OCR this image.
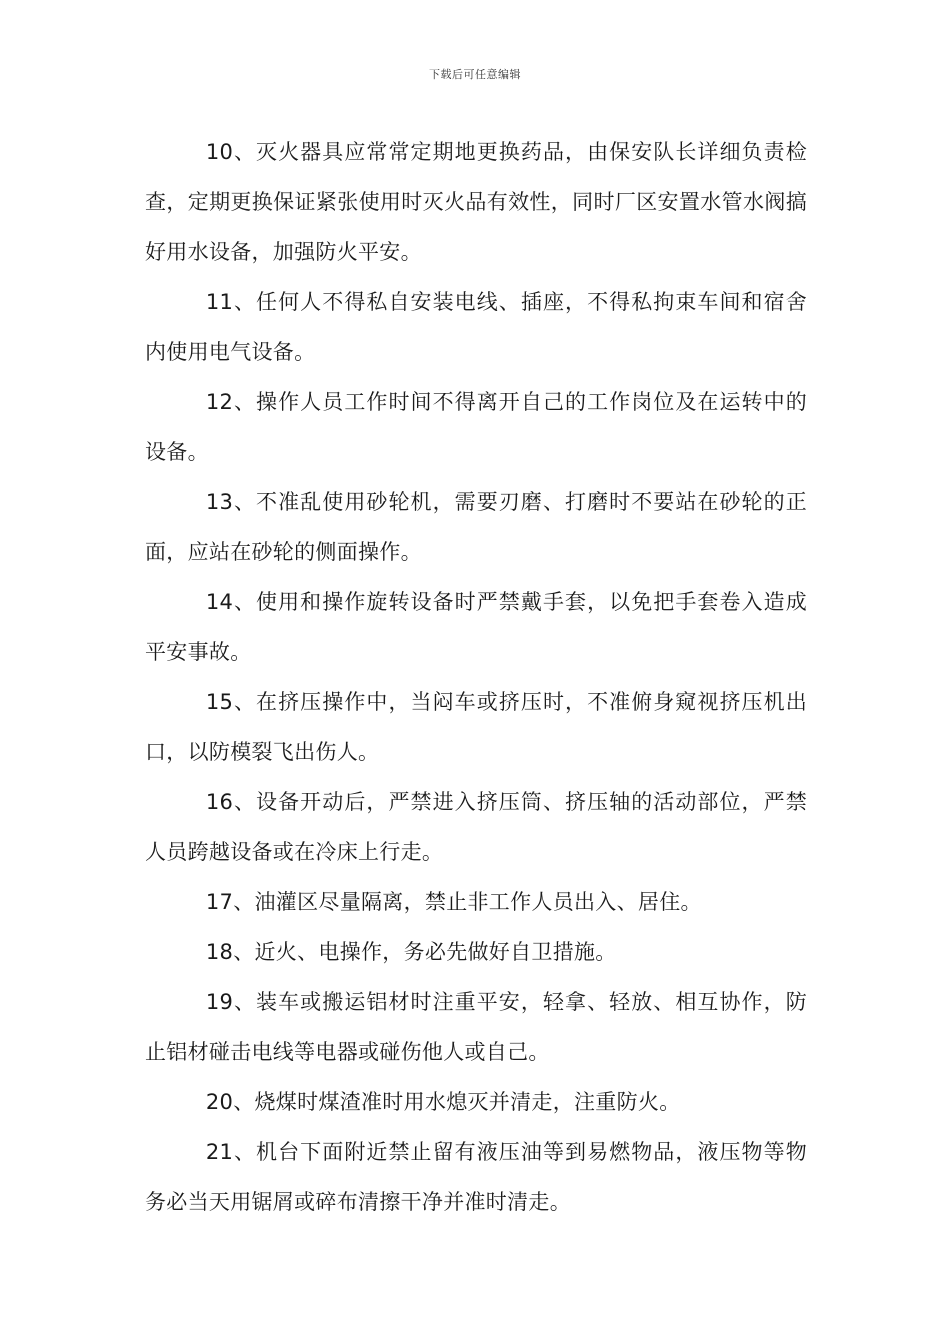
下载后可任意编辑

10、灭火器具应常常定期地更换药品，由保安队长详细负责检查，定期更换保证紧张使用时灭火品有效性，同时厂区安置水管水阀搞好用水设备，加强防火平安。

11、任何人不得私自安装电线、插座，不得私拘束车间和宿舍内使用电气设备。

12、操作人员工作时间不得离开自己的工作岗位及在运转中的设备。

13、不准乱使用砂轮机，需要刃磨、打磨时不要站在砂轮的正面，应站在砂轮的侧面操作。

14、使用和操作旋转设备时严禁戴手套，以免把手套卷入造成平安事故。

15、在挤压操作中，当闷车或挤压时，不准俯身窥视挤压机出口，以防模裂飞出伤人。

16、设备开动后，严禁进入挤压筒、挤压轴的活动部位，严禁人员跨越设备或在冷床上行走。

17、油灌区尽量隔离，禁止非工作人员出入、居住。

18、近火、电操作，务必先做好自卫措施。

19、装车或搬运铝材时注重平安，轻拿、轻放、相互协作，防止铝材碰击电线等电器或碰伤他人或自己。

20、烧煤时煤渣准时用水熄灭并清走，注重防火。

21、机台下面附近禁止留有液压油等到易燃物品，液压物等物务必当天用锯屑或碎布清擦干净并准时清走。
